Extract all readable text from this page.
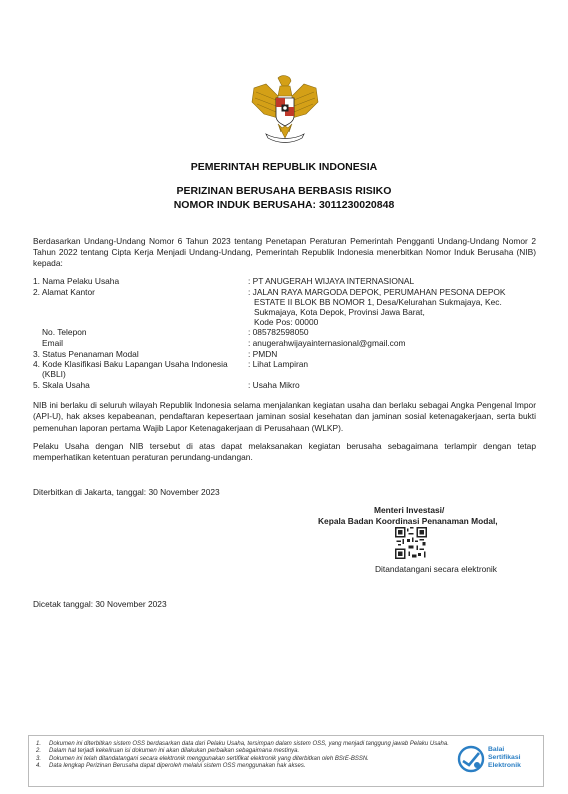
PEMERINTAH REPUBLIK INDONESIA
PERIZINAN BERUSAHA BERBASIS RISIKO
NOMOR INDUK BERUSAHA: 3011230020848
Berdasarkan Undang-Undang Nomor 6 Tahun 2023 tentang Penetapan Peraturan Pemerintah Pengganti Undang-Undang Nomor 2 Tahun 2022 tentang Cipta Kerja Menjadi Undang-Undang, Pemerintah Republik Indonesia menerbitkan Nomor Induk Berusaha (NIB) kepada:
1. Nama Pelaku Usaha	: PT ANUGERAH WIJAYA INTERNASIONAL
2. Alamat Kantor	: JALAN RAYA MARGODA DEPOK, PERUMAHAN PESONA DEPOK
ESTATE II BLOK BB NOMOR 1, Desa/Kelurahan Sukmajaya, Kec.
Sukmajaya, Kota Depok, Provinsi Jawa Barat,
Kode Pos: 00000
No. Telepon	: 085782598050
Email	: anugerahwijayainternasional@gmail.com
3. Status Penanaman Modal	: PMDN
4. Kode Klasifikasi Baku Lapangan Usaha Indonesia : Lihat Lampiran
(KBLI)
5. Skala Usaha	: Usaha Mikro
NIB ini berlaku di seluruh wilayah Republik Indonesia selama menjalankan kegiatan usaha dan berlaku sebagai Angka Pengenal Impor (API-U), hak akses kepabeanan, pendaftaran kepesertaan jaminan sosial kesehatan dan jaminan sosial ketenagakerjaan, serta bukti pemenuhan laporan pertama Wajib Lapor Ketenagakerjaan di Perusahaan (WLKP).
Pelaku Usaha dengan NIB tersebut di atas dapat melaksanakan kegiatan berusaha sebagaimana terlampir dengan tetap memperhatikan ketentuan peraturan perundang-undangan.
Diterbitkan di Jakarta, tanggal: 30 November 2023
Menteri Investasi/
Kepala Badan Koordinasi Penanaman Modal,
Ditandatangani secara elektronik
Dicetak tanggal: 30 November 2023
1. Dokumen ini diterbitkan sistem OSS berdasarkan data dari Pelaku Usaha, tersimpan dalam sistem OSS, yang menjadi tanggung jawab Pelaku Usaha.
2. Dalam hal terjadi kekeliruan isi dokumen ini akan dilakukan perbaikan sebagaimana mestinya.
3. Dokumen ini telah ditandatangani secara elektronik menggunakan sertifikat elektronik yang diterbitkan oleh BSrE-BSSN.
4. Data lengkap Perizinan Berusaha dapat diperoleh melalui sistem OSS menggunakan hak akses.
Balai
Sertifikasi
Elektronik
